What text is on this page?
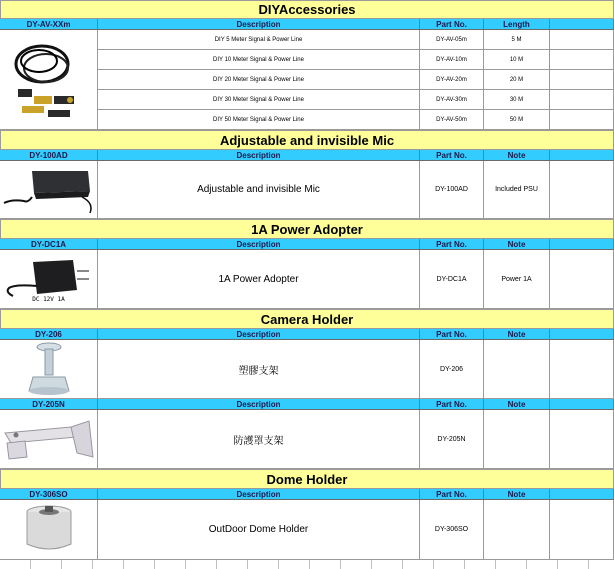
DIYAccessories
DY-AV-XXm	Description	Part No.	Length
DIY 5 Meter Signal & Power Line	DY-AV-05m	5 M
DIY 10 Meter Signal & Power Line	DY-AV-10m	10 M
DIY 20 Meter Signal & Power Line	DY-AV-20m	20 M
DIY 30 Meter Signal & Power Line	DY-AV-30m	30 M
DIY 50 Meter Signal & Power Line	DY-AV-50m	50 M
Adjustable and invisible Mic
DY-100AD	Description	Part No.	Note
Adjustable and invisible Mic	DY-100AD	Included PSU
1A Power Adopter
DY-DC1A	Description	Part No.	Note
DC 12V 1A
1A Power Adopter	DY-DC1A	Power 1A
Camera Holder
DY-206	Description	Part No.	Note
塑膠支架	DY-206
DY-205N	Description	Part No.	Note
防護罩支架	DY-205N
Dome Holder
DY-306SO	Description	Part No.	Note
OutDoor Dome Holder	DY-306SO
